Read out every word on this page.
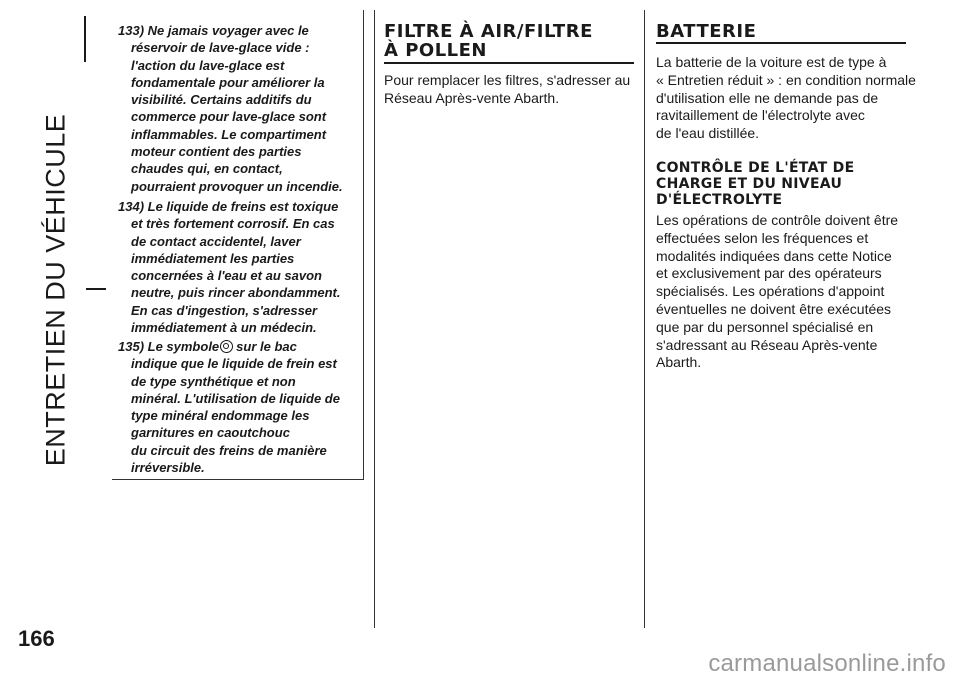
ENTRETIEN DU VÉHICULE
166
133) Ne jamais voyager avec le
réservoir de lave-glace vide :
l'action du lave-glace est
fondamentale pour améliorer la
visibilité. Certains additifs du
commerce pour lave-glace sont
inflammables. Le compartiment
moteur contient des parties
chaudes qui, en contact,
pourraient provoquer un incendie.
134) Le liquide de freins est toxique
et très fortement corrosif. En cas
de contact accidentel, laver
immédiatement les parties
concernées à l'eau et au savon
neutre, puis rincer abondamment.
En cas d'ingestion, s'adresser
immédiatement à un médecin.
135) Le symbole sur le bac
indique que le liquide de frein est
de type synthétique et non
minéral. L'utilisation de liquide de
type minéral endommage les
garnitures en caoutchouc
du circuit des freins de manière
irréversible.
FILTRE À AIR/FILTRE
À POLLEN
Pour remplacer les filtres, s'adresser au
Réseau Après-vente Abarth.
BATTERIE
La batterie de la voiture est de type à
« Entretien réduit » : en condition normale
d'utilisation elle ne demande pas de
ravitaillement de l'électrolyte avec
de l'eau distillée.
CONTRÔLE DE L'ÉTAT DE
CHARGE ET DU NIVEAU
D'ÉLECTROLYTE
Les opérations de contrôle doivent être
effectuées selon les fréquences et
modalités indiquées dans cette Notice
et exclusivement par des opérateurs
spécialisés. Les opérations d'appoint
éventuelles ne doivent être exécutées
que par du personnel spécialisé en
s'adressant au Réseau Après-vente
Abarth.
carmanualsonline.info
